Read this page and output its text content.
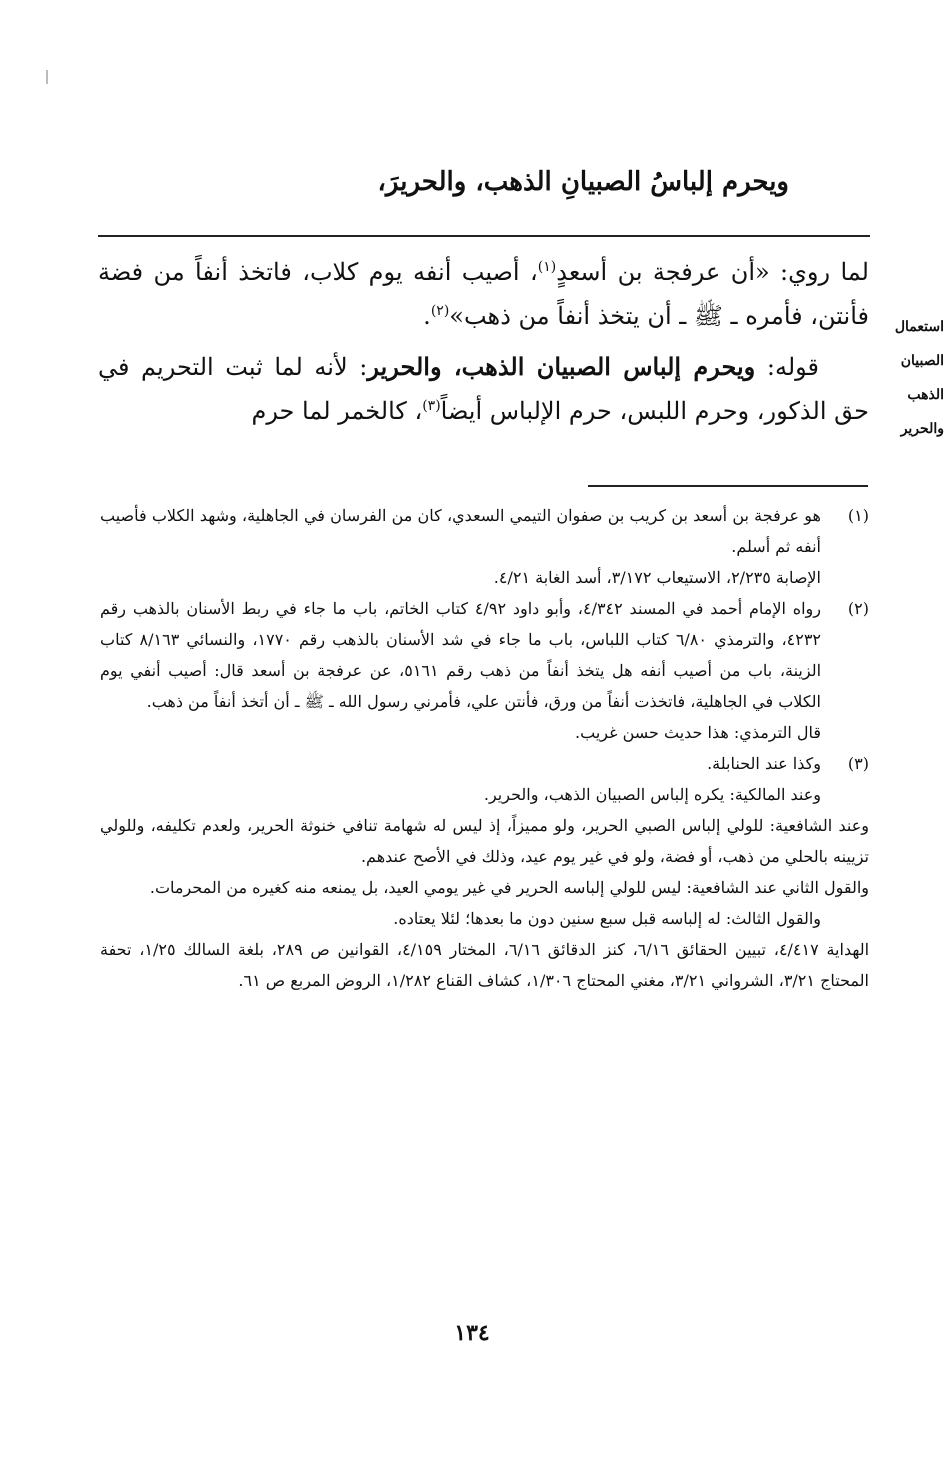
ويحرم إلباسُ الصبيانِ الذهب، والحريرَ،
لما روي: «أن عرفجة بن أسعدٍ$^{(١)}$، أصيب أنفه يوم كلاب، فاتخذ أنفاً من فضة فأنتن، فأمره ـ ﷺ ـ أن يتخذ أنفاً من ذهب»$^{(٢)}$.
قوله: ويحرم إلباس الصبيان الذهب، والحرير: لأنه لما ثبت التحريم في حق الذكور، وحرم اللبس، حرم الإلباس أيضاً$^{(٣)}$، كالخمر لما حرم
استعمال
الصبيان
الذهب
والحرير
(١)

هو عرفجة بن أسعد بن كريب بن صفوان التيمي السعدي، كان من الفرسان في الجاهلية، وشهد الكلاب فأصيب أنفه ثم أسلم.

الإصابة ٢/٢٣٥، الاستيعاب ٣/١٧٢، أسد الغابة ٤/٢١.

(٢)

رواه الإمام أحمد في المسند ٤/٣٤٢، وأبو داود ٤/٩٢ كتاب الخاتم، باب ما جاء في ربط الأسنان بالذهب رقم ٤٢٣٢، والترمذي ٦/٨٠ كتاب اللباس، باب ما جاء في شد الأسنان بالذهب رقم ١٧٧٠، والنسائي ٨/١٦٣ كتاب الزينة، باب من أصيب أنفه هل يتخذ أنفاً من ذهب رقم ٥١٦١، عن عرفجة بن أسعد قال: أصيب أنفي يوم الكلاب في الجاهلية، فاتخذت أنفاً من ورق، فأنتن علي، فأمرني رسول الله ـ ﷺ ـ أن أتخذ أنفاً من ذهب.

قال الترمذي: هذا حديث حسن غريب.

(٣)

وكذا عند الحنابلة.

وعند المالكية: يكره إلباس الصبيان الذهب، والحرير.

وعند الشافعية: للولي إلباس الصبي الحرير، ولو مميزاً، إذ ليس له شهامة تنافي خنوثة الحرير، ولعدم تكليفه، وللولي تزيينه بالحلي من ذهب، أو فضة، ولو في غير يوم عيد، وذلك في الأصح عندهم.

والقول الثاني عند الشافعية: ليس للولي إلباسه الحرير في غير يومي العيد، بل يمنعه منه كغيره من المحرمات.

والقول الثالث: له إلباسه قبل سبع سنين دون ما بعدها؛ لئلا يعتاده.

الهداية ٤/٤١٧، تبيين الحقائق ٦/١٦، كنز الدقائق ٦/١٦، المختار ٤/١٥٩، القوانين ص ٢٨٩، بلغة السالك ١/٢٥، تحفة المحتاج ٣/٢١، الشرواني ٣/٢١، مغني المحتاج ١/٣٠٦، كشاف القناع ١/٢٨٢، الروض المربع ص ٦١.

١٣٤
